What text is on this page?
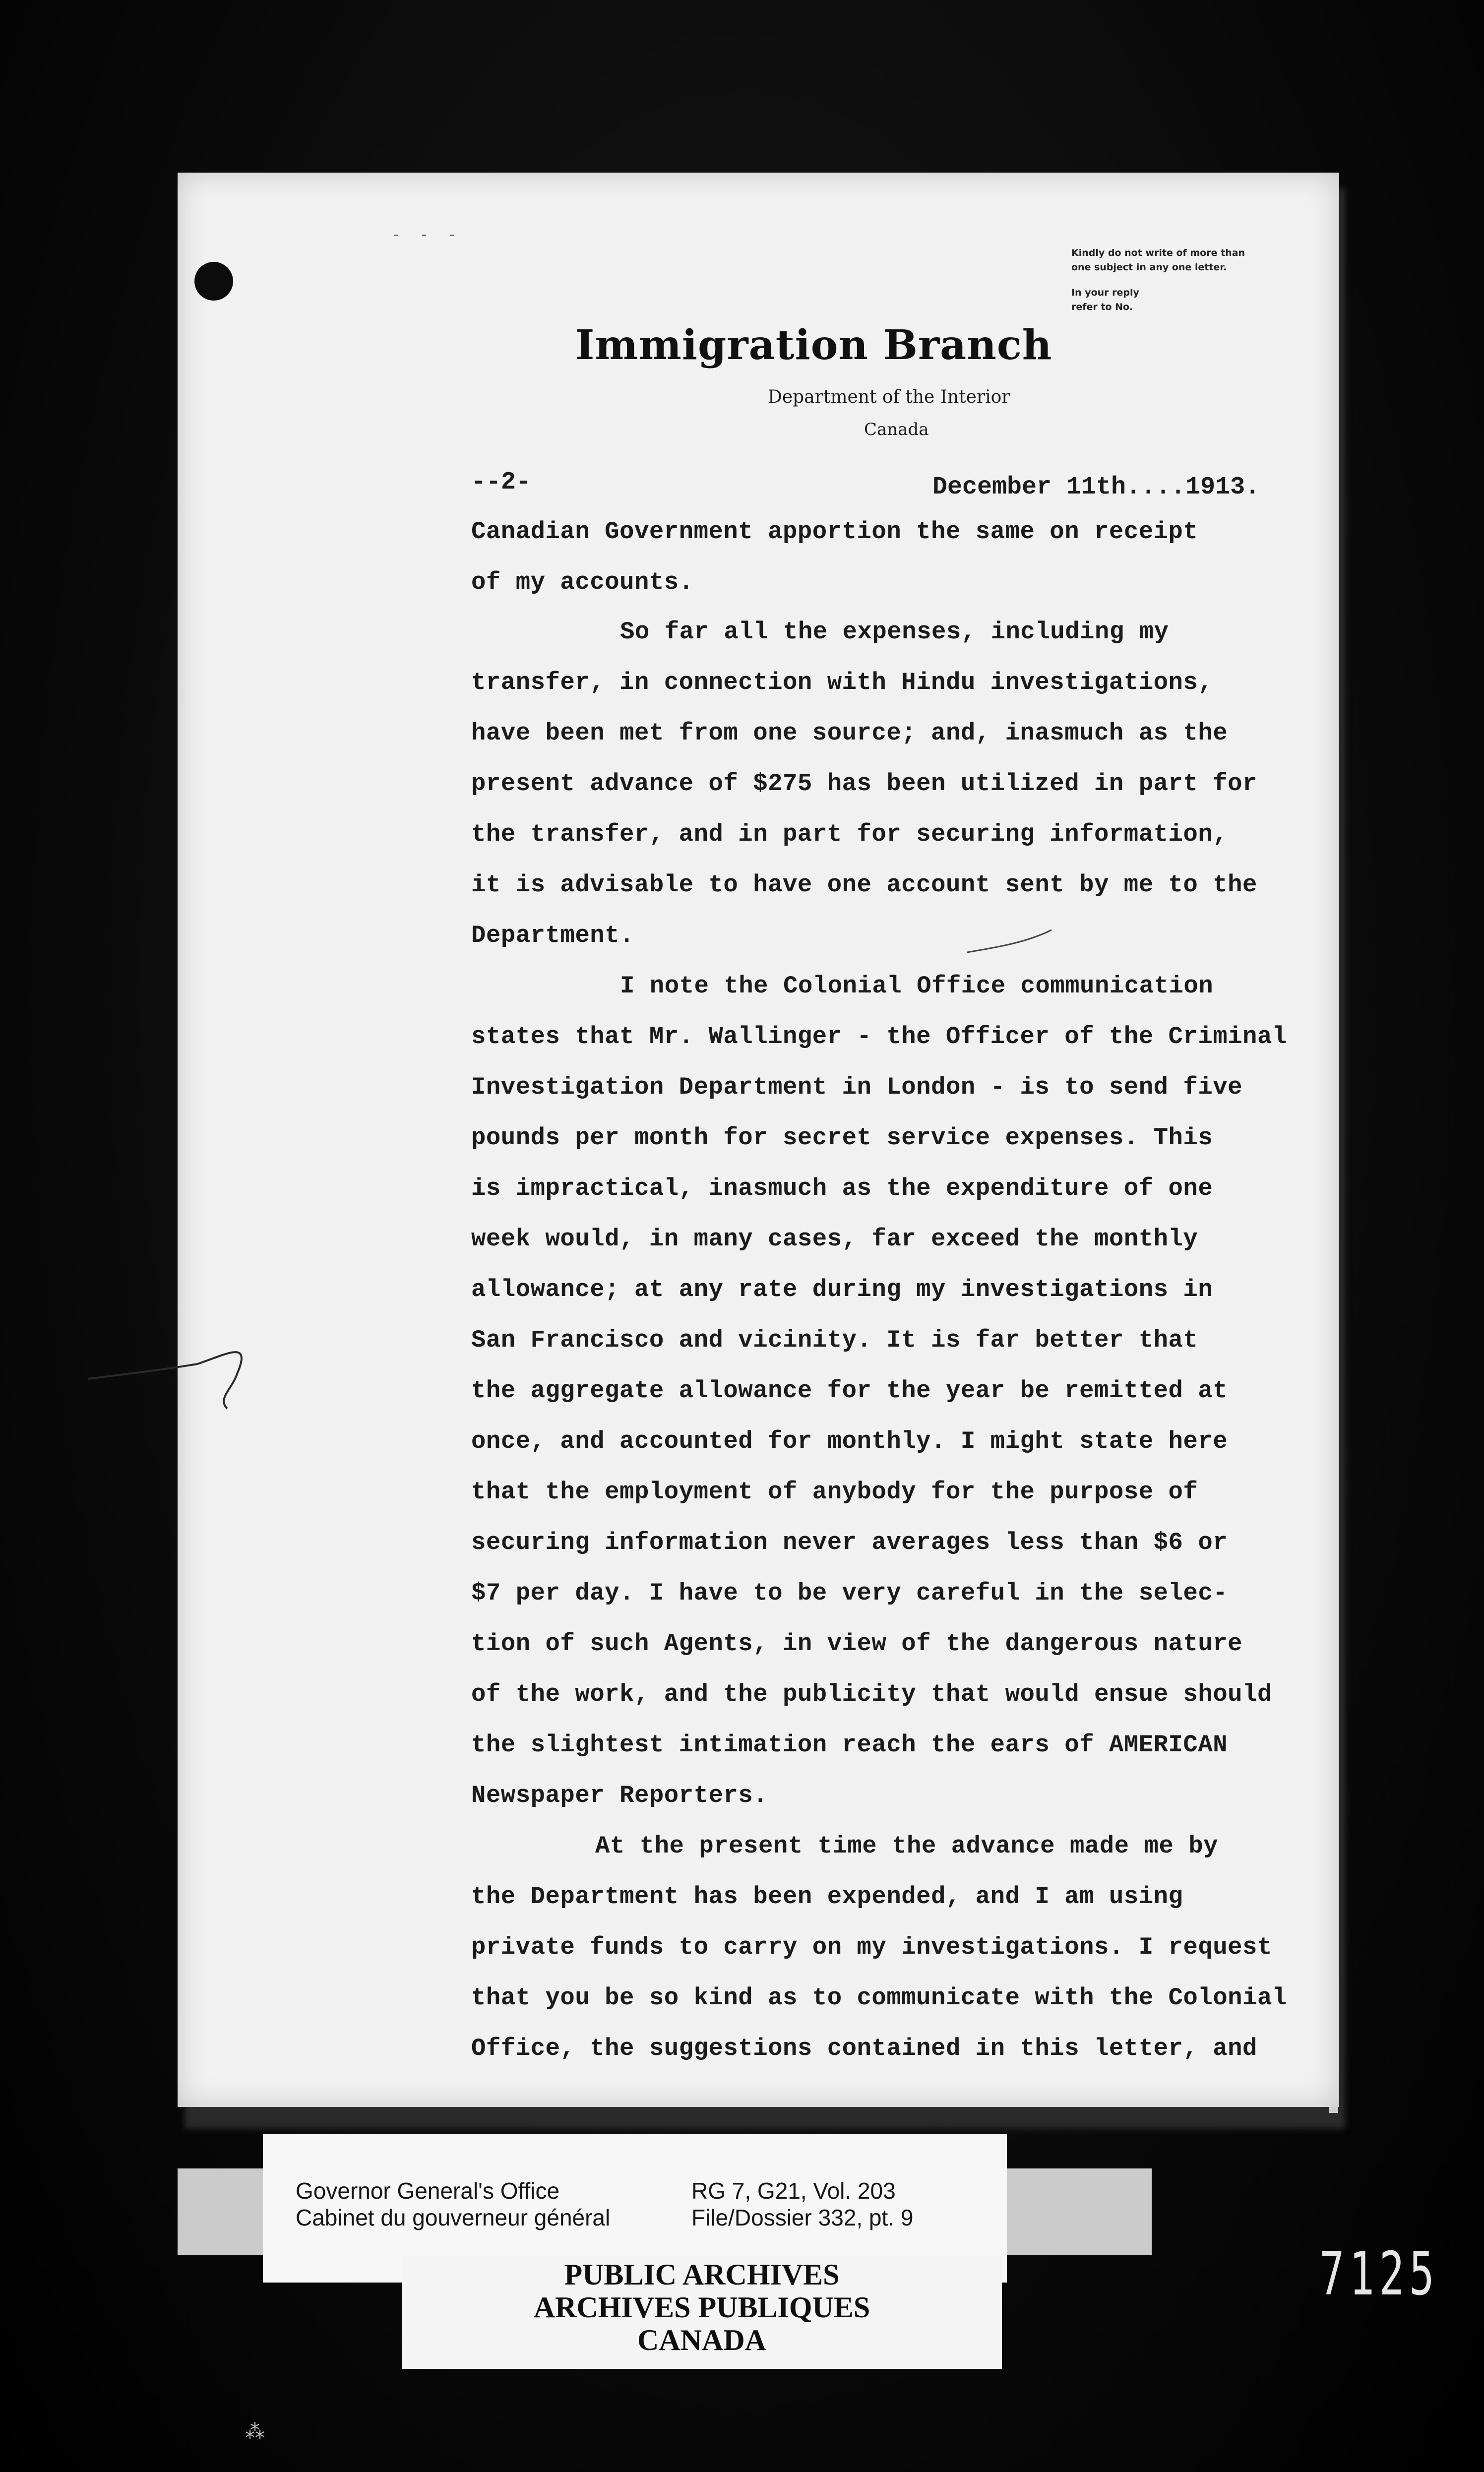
- - -
Kindly do not write of more than
one subject in any one letter.
In your reply
refer to No.
Immigration Branch
Department of the Interior
Canada
--2-	December 11th....1913.
Canadian Government apportion the same on receipt
of my accounts.
So far all the expenses, including my
transfer, in connection with Hindu investigations,
have been met from one source; and, inasmuch as the
present advance of $275 has been utilized in part for
the transfer, and in part for securing information,
it is advisable to have one account sent by me to the
Department.
I note the Colonial Office communication
states that Mr. Wallinger - the Officer of the Criminal
Investigation Department in London - is to send five
pounds per month for secret service expenses. This
is impractical, inasmuch as the expenditure of one
week would, in many cases, far exceed the monthly
allowance; at any rate during my investigations in
San Francisco and vicinity. It is far better that
the aggregate allowance for the year be remitted at
once, and accounted for monthly. I might state here
that the employment of anybody for the purpose of
securing information never averages less than $6 or
$7 per day. I have to be very careful in the selec-
tion of such Agents, in view of the dangerous nature
of the work, and the publicity that would ensue should
the slightest intimation reach the ears of AMERICAN
Newspaper Reporters.
At the present time the advance made me by
the Department has been expended, and I am using
private funds to carry on my investigations. I request
that you be so kind as to communicate with the Colonial
Office, the suggestions contained in this letter, and
Governor General's Office
Cabinet du gouverneur général
RG 7, G21, Vol. 203
File/Dossier 332, pt. 9
PUBLIC ARCHIVES
ARCHIVES PUBLIQUES
CANADA
7125
⁂
